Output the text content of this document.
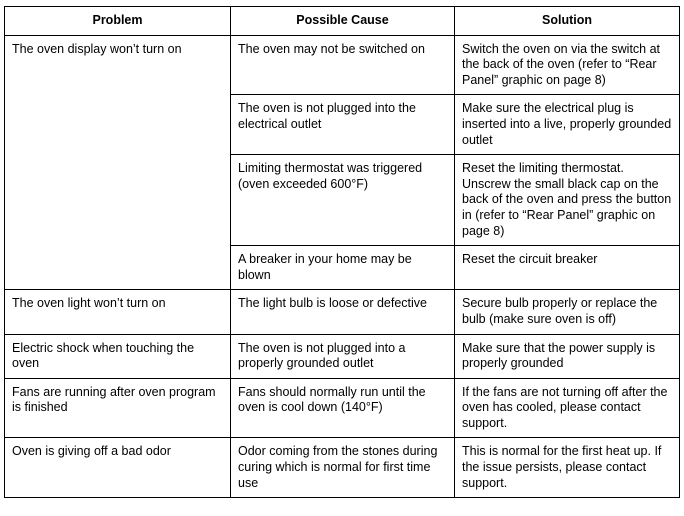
Problem	Possible Cause	Solution
The oven display won’t turn on	The oven may not be switched on	Switch the oven on via the switch at the back of the oven (refer to “Rear Panel” graphic on page 8)
	The oven is not plugged into the electrical outlet	Make sure the electrical plug is inserted into a live, properly grounded outlet
	Limiting thermostat was triggered (oven exceeded 600°F)	Reset the limiting thermostat. Unscrew the small black cap on the back of the oven and press the button in (refer to “Rear Panel” graphic on page 8)
	A breaker in your home may be blown	Reset the circuit breaker
The oven light won’t turn on	The light bulb is loose or defective	Secure bulb properly or replace the bulb (make sure oven is off)
Electric shock when touching the oven	The oven is not plugged into a properly grounded outlet	Make sure that the power supply is properly grounded
Fans are running after oven program is finished	Fans should normally run until the oven is cool down (140°F)	If the fans are not turning off after the oven has cooled, please contact support.
Oven is giving off a bad odor	Odor coming from the stones during curing which is normal for first time use	This is normal for the first heat up. If the issue persists, please contact support.
